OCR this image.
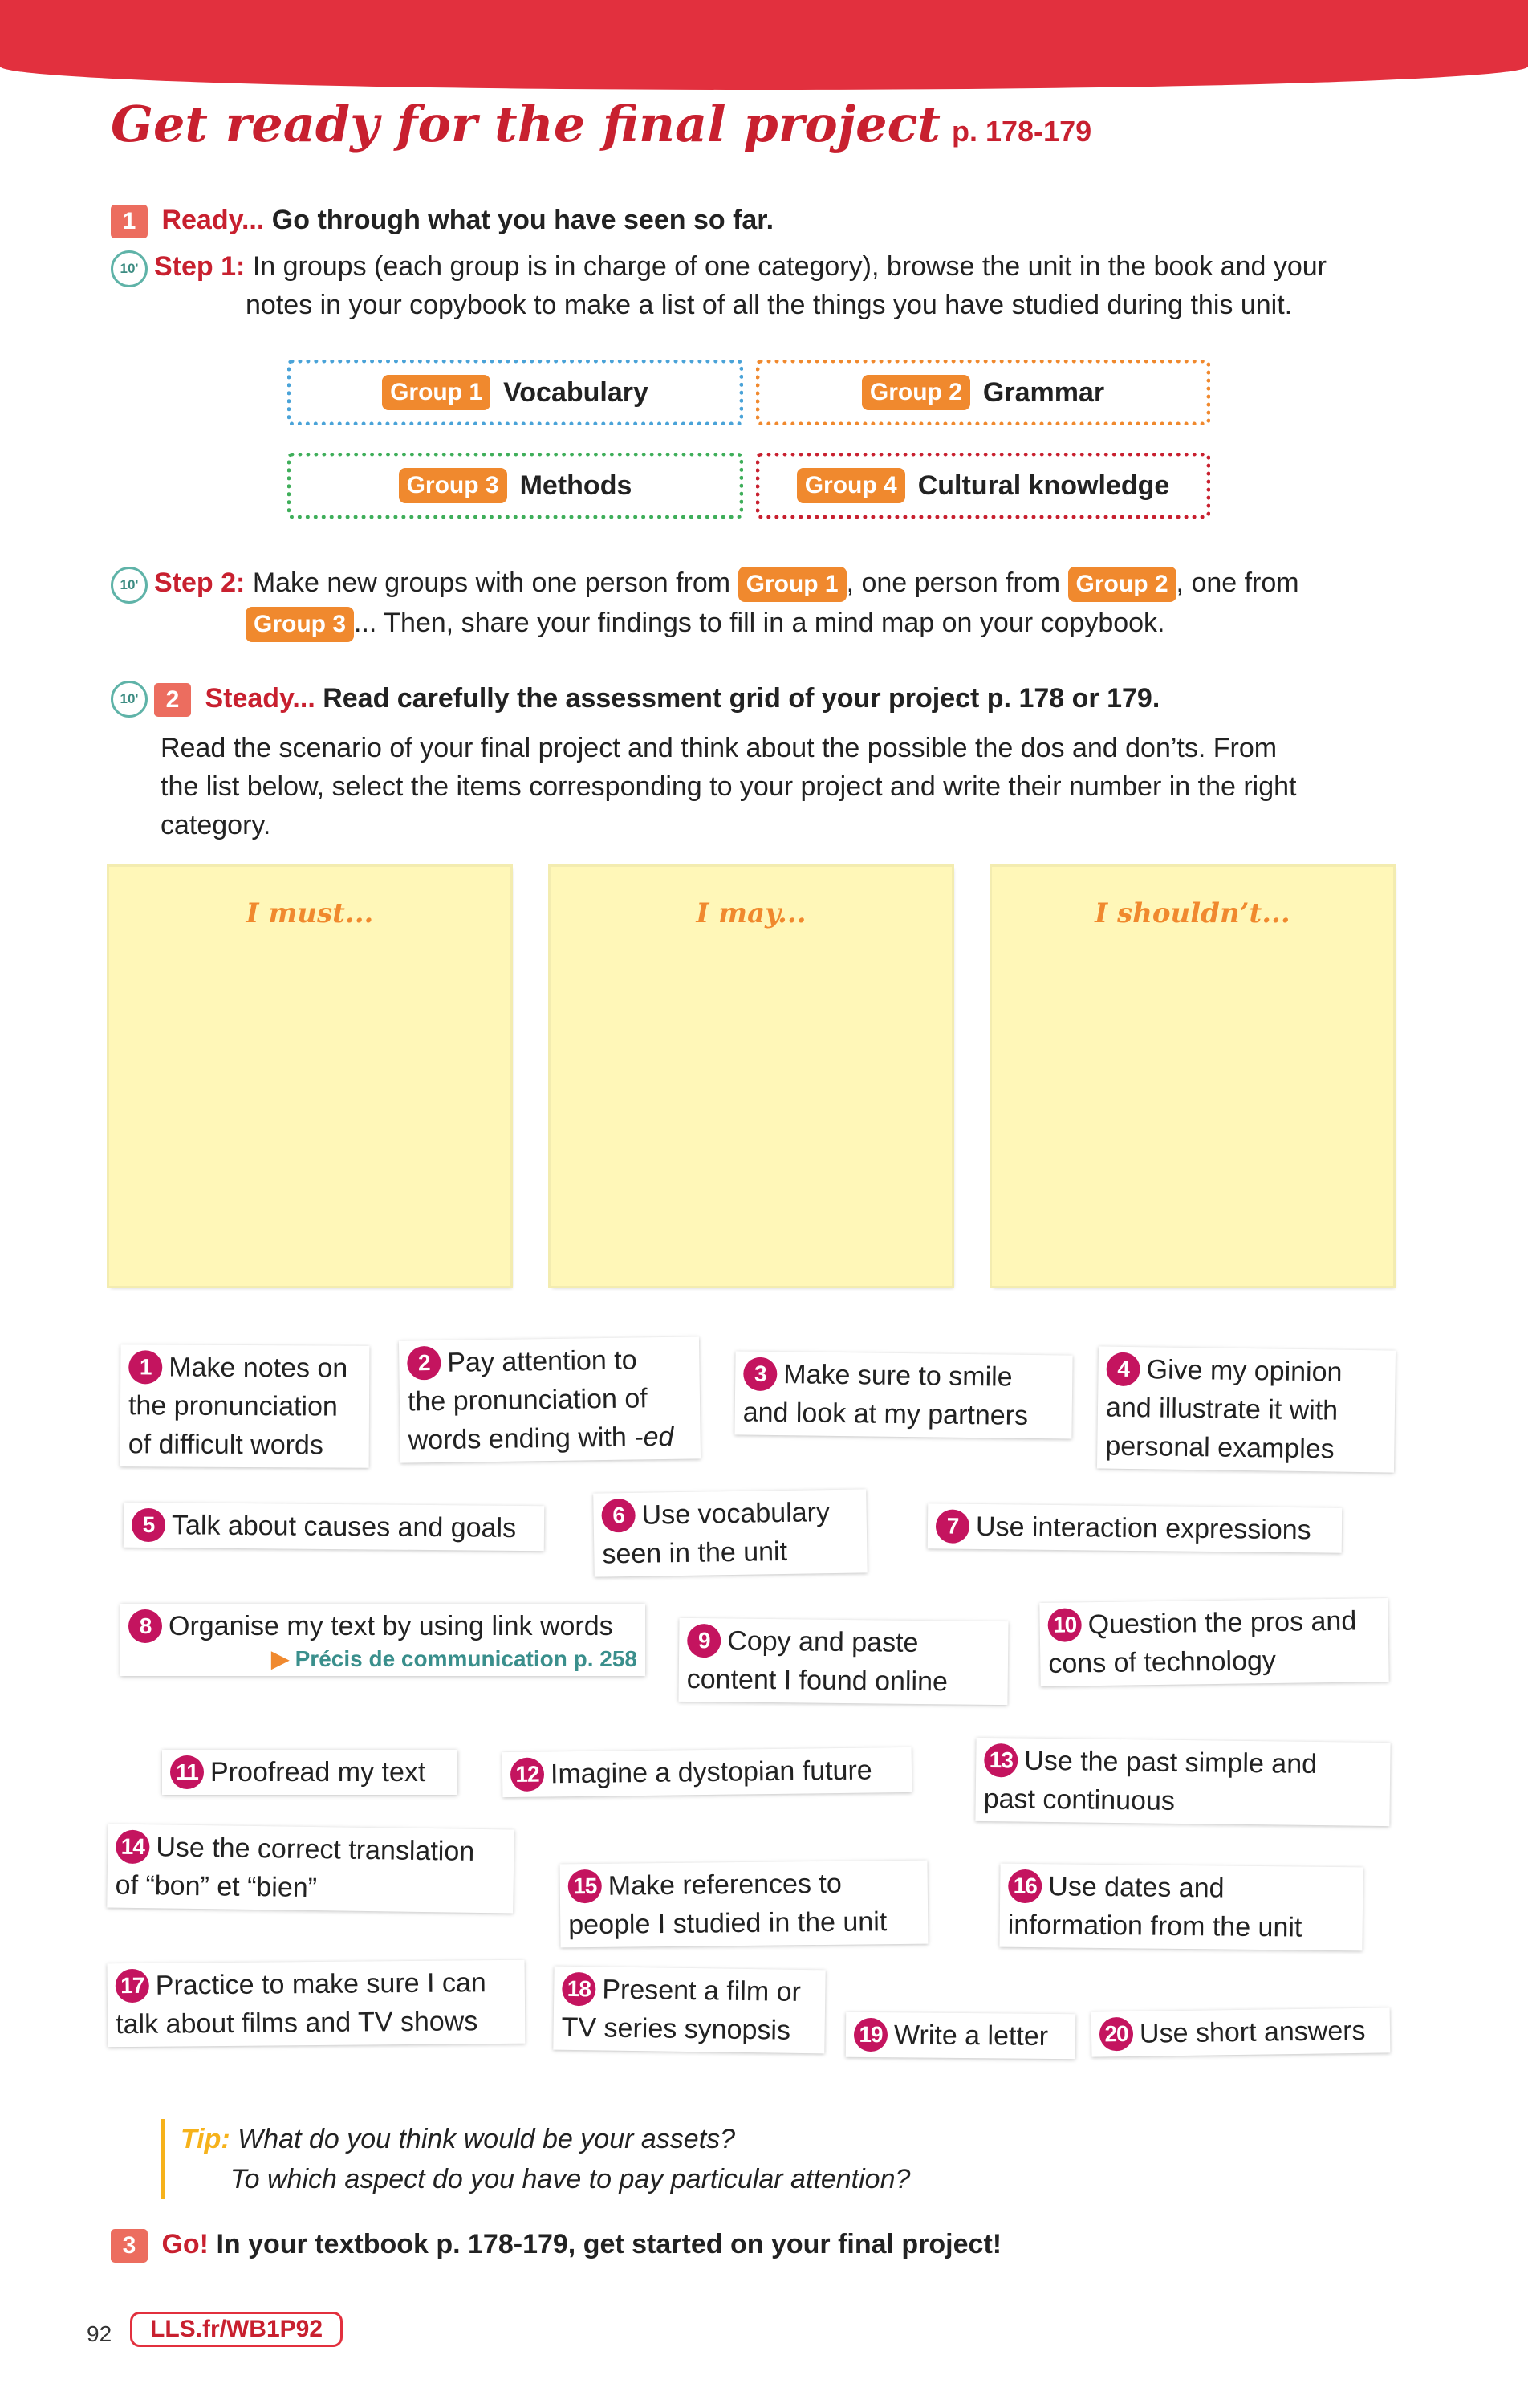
Get ready for the final project p. 178-179
1 Ready... Go through what you have seen so far.
10' Step 1: In groups (each group is in charge of one category), browse the unit in the book and your
notes in your copybook to make a list of all the things you have studied during this unit.
Group 1 Vocabulary	Group 2 Grammar
Group 3 Methods	Group 4 Cultural knowledge
10' Step 2: Make new groups with one person from Group 1 , one person from Group 2 , one from
Group 3 ... Then, share your findings to fill in a mind map on your copybook.
10'	2 Steady... Read carefully the assessment grid of your project p. 178 or 179.
Read the scenario of your final project and think about the possible the dos and don’ts. From
the list below, select the items corresponding to your project and write their number in the right
category.
I must...	I may...	I shouldn’t...
1 Make notes on
the pronunciation
of difficult words
2 Pay attention to
the pronunciation of
words ending with -ed
3 Make sure to smile
and look at my partners
4 Give my opinion
and illustrate it with
personal examples
5 Talk about causes and goals	6 Use vocabulary
seen in the unit
7 Use interaction expressions
8 Organise my text by using link words
▶ Précis de communication p. 258
9 Copy and paste
content I found online
10 Question the pros and
cons of technology
11 Proofread my text	12 Imagine a dystopian future	13 Use the past simple and
past continuous
14 Use the correct translation
of “bon” et “bien”	15 Make references to
people I studied in the unit
16 Use dates and
information from the unit
17 Practice to make sure I can
talk about films and TV shows
18 Present a film or
TV series synopsis	19 Write a letter	20 Use short answers
Tip: What do you think would be your assets?
To which aspect do you have to pay particular attention?
3 Go! In your textbook p. 178-179, get started on your final project!
92	LLS.fr/WB1P92
